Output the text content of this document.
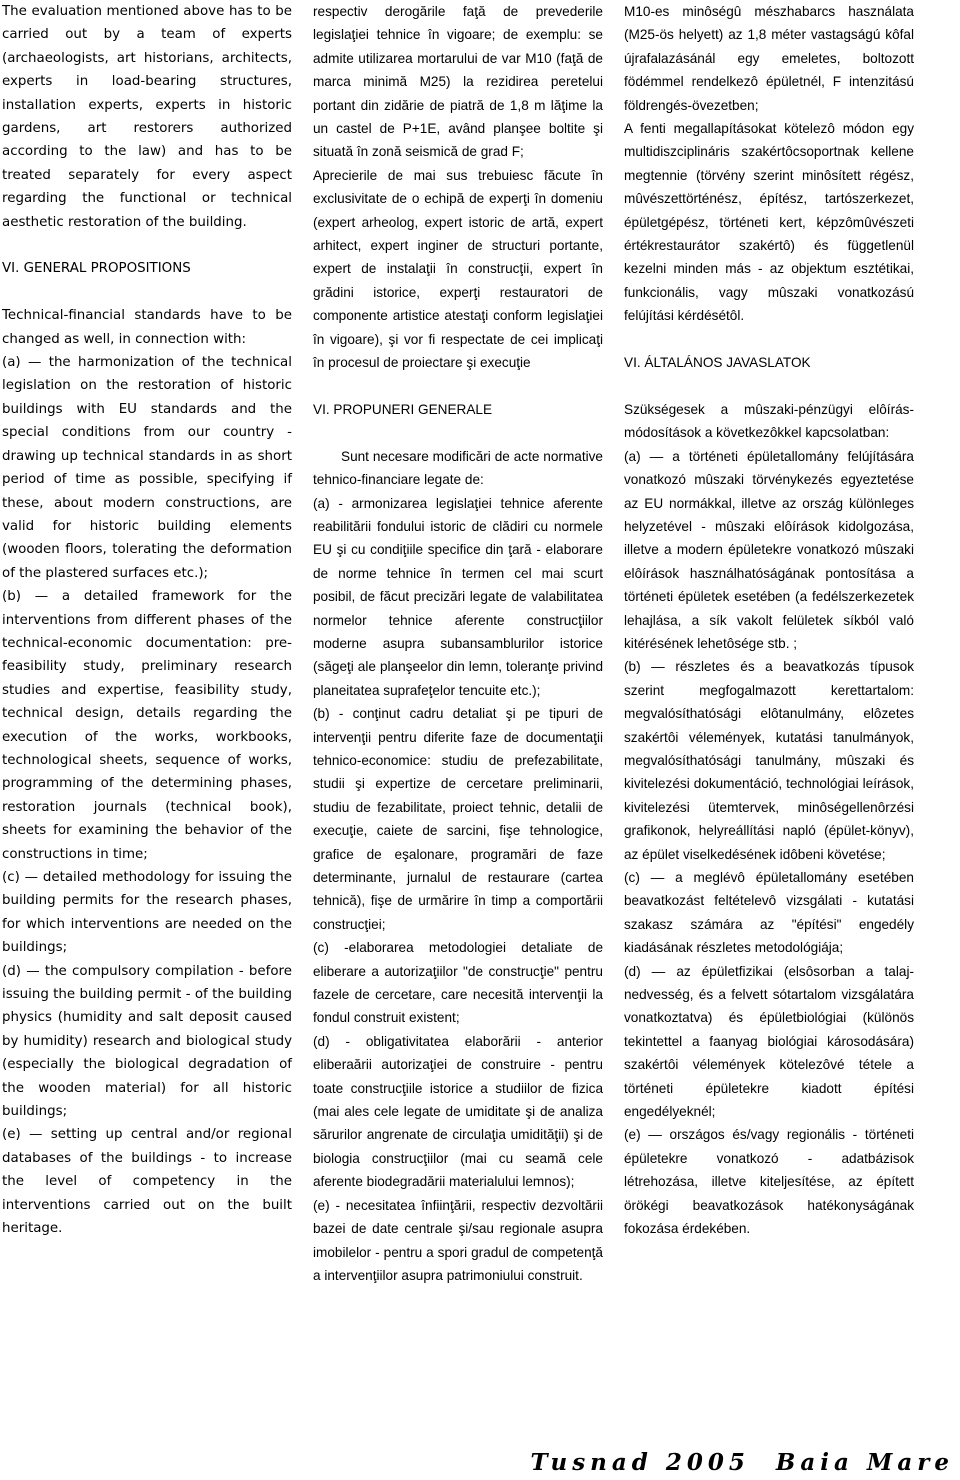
The evaluation mentioned above has to be carried out by a team of experts (archaeologists, art historians, architects, experts in load-bearing structures, installation experts, experts in historic gardens, art restorers authorized according to the law) and has to be treated separately for every aspect regarding the functional or technical aesthetic restoration of the building.

VI. GENERAL PROPOSITIONS

Technical-financial standards have to be changed as well, in connection with:

(a) — the harmonization of the technical legislation on the restoration of historic buildings with EU standards and the special conditions from our country - drawing up technical standards in as short period of time as possible, specifying if these, about modern constructions, are valid for historic building elements (wooden floors, tolerating the deformation of the plastered surfaces etc.);

(b) — a detailed framework for the interventions from different phases of the technical-economic documentation: pre-feasibility study, preliminary research studies and expertise, feasibility study, technical design, details regarding the execution of the works, workbooks, technological sheets, sequence of works, programming of the determining phases, restoration journals (technical book), sheets for examining the behavior of the constructions in time;

(c) — detailed methodology for issuing the building permits for the research phases, for which interventions are needed on the buildings;

(d) — the compulsory compilation - before issuing the building permit - of the building physics (humidity and salt deposit caused by humidity) research and biological study (especially the biological degradation of the wooden material) for all historic buildings;

(e) — setting up central and/or regional databases of the buildings - to increase the level of competency in the interventions carried out on the built heritage.

respectiv derogările faţă de prevederile legislaţiei tehnice în vigoare; de exemplu: se admite utilizarea mortarului de var M10 (faţă de marca minimă M25) la rezidirea peretelui portant din zidărie de piatră de 1,8 m lăţime la un castel de P+1E, având planşee boltite şi situată în zonă seismică de grad F;

Aprecierile de mai sus trebuiesc făcute în exclusivitate de o echipă de experţi în domeniu (expert arheolog, expert istoric de artă, expert arhitect, expert inginer de structuri portante, expert de instalaţii în construcţii, expert în grădini istorice, experţi restauratori de componente artistice atestaţi conform legislaţiei în vigoare), şi vor fi respectate de cei implicaţi în procesul de proiectare şi execuţie

VI. PROPUNERI GENERALE

Sunt necesare modificări de acte normative tehnico-financiare legate de:

(a) - armonizarea legislaţiei tehnice aferente reabilitării fondului istoric de clădiri cu normele EU şi cu condiţiile specifice din ţară - elaborare de norme tehnice în termen cel mai scurt posibil, de făcut precizări legate de valabilitatea normelor tehnice aferente construcţiilor moderne asupra subansamblurilor istorice (săgeţi ale planşeelor din lemn, toleranţe privind planeitatea suprafeţelor tencuite etc.);

(b) - conţinut cadru detaliat şi pe tipuri de intervenţii pentru diferite faze de documentaţii tehnico-economice: studiu de prefezabilitate, studii şi expertize de cercetare preliminarii, studiu de fezabilitate, proiect tehnic, detalii de execuţie, caiete de sarcini, fişe tehnologice, grafice de eşalonare, programări de faze determinante, jurnalul de restaurare (cartea tehnică), fişe de urmărire în timp a comportării construcţiei;

(c) -elaborarea metodologiei detaliate de eliberare a autorizaţiilor "de construcţie" pentru fazele de cercetare, care necesită intervenţii la fondul construit existent;

(d) - obligativitatea elaborării - anterior eliberaării autorizaţiei de construire - pentru toate construcţiile istorice a studiilor de fizica (mai ales cele legate de umiditate şi de analiza sărurilor angrenate de circulaţia umidităţii) şi de biologia construcţiilor (mai cu seamă cele aferente biodegradării materialului lemnos);

(e) - necesitatea înfiinţării, respectiv dezvoltării bazei de date centrale şi/sau regionale asupra imobilelor - pentru a spori gradul de competenţă a intervenţiilor asupra patrimoniului construit.

M10-es minôségû mészhabarcs használata (M25-ös helyett) az 1,8 méter vastagságú kôfal újrafalazásánál egy emeletes, boltozott födémmel rendelkezô épületnél, F intenzitású földrengés-övezetben;

A fenti megallapításokat kötelezô módon egy multidiszciplináris szakértôcsoportnak kellene megtennie (törvény szerint minôsített régész, mûvészettörténész, építész, tartószerkezet, épületgépész, történeti kert, képzômûvészeti értékrestaurátor szakértô) és függetlenül kezelni minden más - az objektum esztétikai, funkcionális, vagy mûszaki vonatkozású felújítási kérdésétôl.

VI. ÁLTALÁNOS JAVASLATOK

Szükségesek a mûszaki-pénzügyi elôírás-módosítások a következôkkel kapcsolatban:

(a) — a történeti épületallomány felújítására vonatkozó mûszaki törvénykezés egyeztetése az EU normákkal, illetve az ország különleges helyzetével - mûszaki elôírások kidolgozása, illetve a modern épületekre vonatkozó mûszaki elôírások használhatóságának pontosítása a történeti épületek esetében (a fedélszerkezetek lehajlása, a sík vakolt felületek síkból való kitérésének lehetôsége stb. ;

(b) — részletes és a beavatkozás típusok szerint megfogalmazott kerettartalom: megvalósíthatósági elôtanulmány, elôzetes szakértôi vélemények, kutatási tanulmányok, megvalósíthatósági tanulmány, mûszaki és kivitelezési dokumentáció, technológiai leírások, kivitelezési ütemtervek, minôségellenôrzési grafikonok, helyreállítási napló (épület-könyv), az épület viselkedésének idôbeni követése;

(c) — a meglévô épületallomány esetében beavatkozást feltételevô vizsgálati - kutatási szakasz számára az "építési" engedély kiadásának részletes metodológiája;

(d) — az épületfizikai (elsôsorban a talaj-nedvesség, és a felvett sótartalom vizsgálatára vonatkoztatva) és épületbiológiai (különös tekintettel a faanyag biológiai károsodására) szakértôi vélemények kötelezôvé tétele a történeti épületekre kiadott építési engedélyeknél;

(e) — országos és/vagy regionális - történeti épületekre vonatkozó - adatbázisok létrehozása, illetve kiteljesítése, az épített örökégi beavatkozások hatékonyságának fokozása érdekében.

Tusnad 2005 Baia Mare
